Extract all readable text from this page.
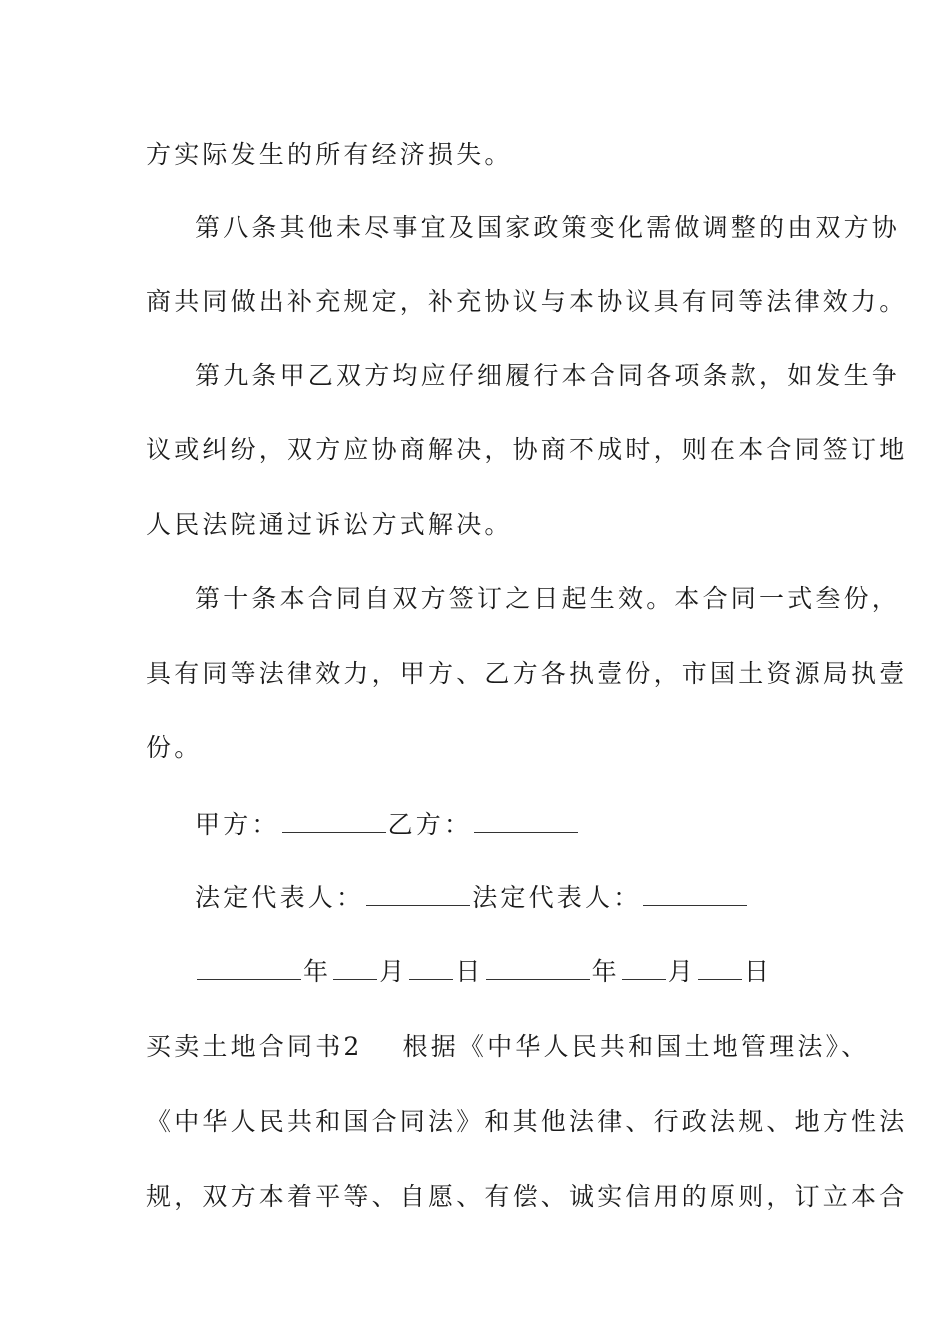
方实际发生的所有经济损失。
第八条其他未尽事宜及国家政策变化需做调整的由双方协
商共同做出补充规定，补充协议与本协议具有同等法律效力。
第九条甲乙双方均应仔细履行本合同各项条款，如发生争
议或纠纷，双方应协商解决，协商不成时，则在本合同签订地
人民法院通过诉讼方式解决。
第十条本合同自双方签订之日起生效。本合同一式叁份，
具有同等法律效力，甲方、乙方各执壹份，市国土资源局执壹
份。
甲方：	乙方：
法定代表人：	法定代表人：
年 月 日	年 月 日
买卖土地合同书2 根据《中华人民共和国土地管理法》、
《中华人民共和国合同法》和其他法律、行政法规、地方性法
规，双方本着平等、自愿、有偿、诚实信用的原则，订立本合
